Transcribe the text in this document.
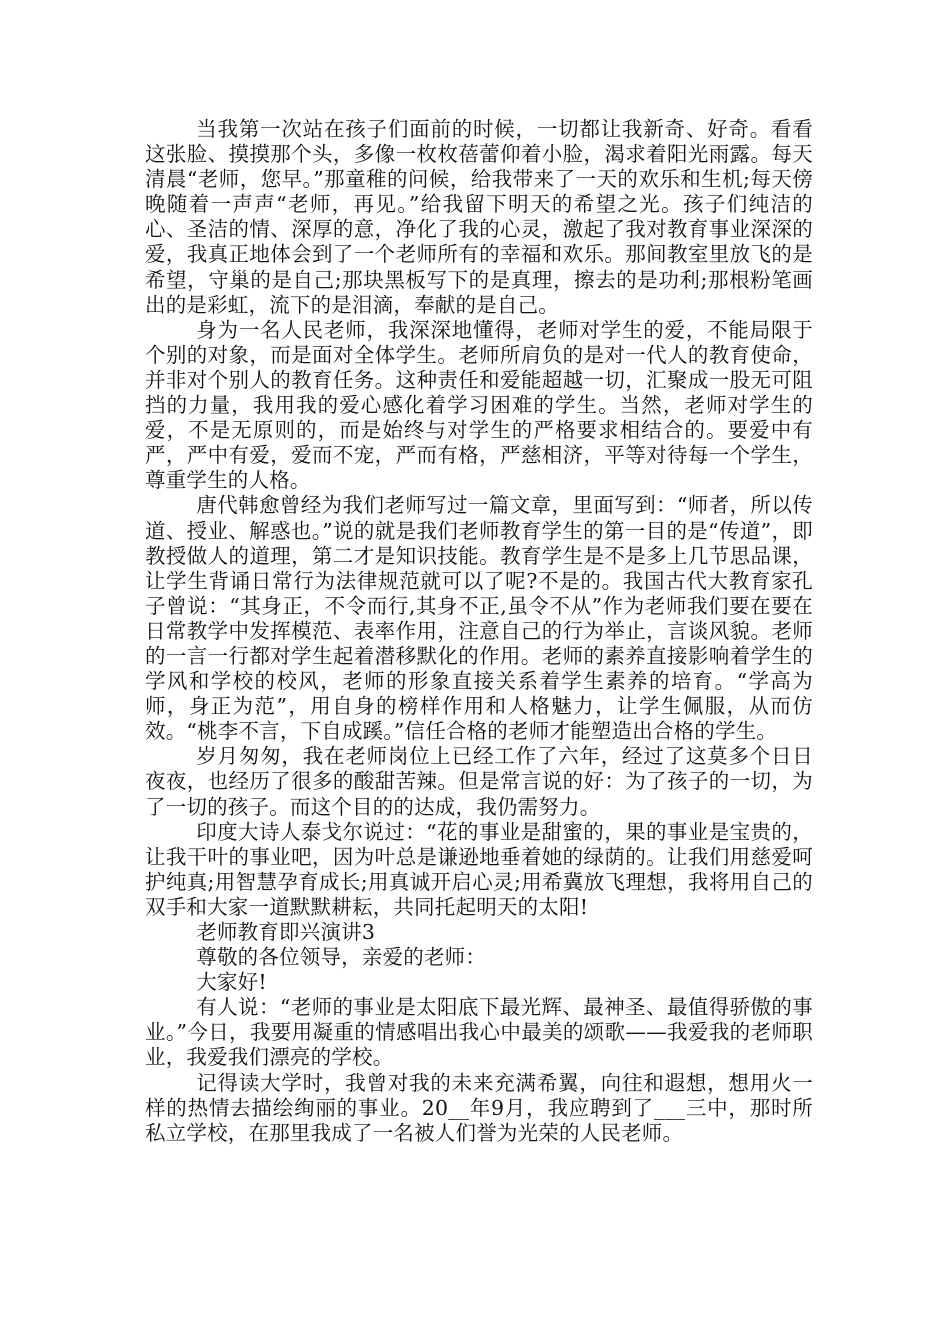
当我第一次站在孩子们面前的时候，一切都让我新奇、好奇。看看这张脸、摸摸那个头，多像一枚枚蓓蕾仰着小脸，渴求着阳光雨露。每天清晨“老师，您早。”那童稚的问候，给我带来了一天的欢乐和生机;每天傍晚随着一声声“老师，再见。”给我留下明天的希望之光。孩子们纯洁的心、圣洁的情、深厚的意，净化了我的心灵，激起了我对教育事业深深的爱，我真正地体会到了一个老师所有的幸福和欢乐。那间教室里放飞的是希望，守巢的是自己;那块黑板写下的是真理，擦去的是功利;那根粉笔画出的是彩虹，流下的是泪滴，奉献的是自己。

身为一名人民老师，我深深地懂得，老师对学生的爱，不能局限于个别的对象，而是面对全体学生。老师所肩负的是对一代人的教育使命，并非对个别人的教育任务。这种责任和爱能超越一切，汇聚成一股无可阻挡的力量，我用我的爱心感化着学习困难的学生。当然，老师对学生的爱，不是无原则的，而是始终与对学生的严格要求相结合的。要爱中有严，严中有爱，爱而不宠，严而有格，严慈相济，平等对待每一个学生，尊重学生的人格。

唐代韩愈曾经为我们老师写过一篇文章，里面写到：“师者，所以传道、授业、解惑也。”说的就是我们老师教育学生的第一目的是“传道”，即教授做人的道理，第二才是知识技能。教育学生是不是多上几节思品课，让学生背诵日常行为法律规范就可以了呢?不是的。我国古代大教育家孔子曾说：“其身正，不令而行,其身不正,虽令不从”作为老师我们要在要在日常教学中发挥模范、表率作用，注意自己的行为举止，言谈风貌。老师的一言一行都对学生起着潜移默化的作用。老师的素养直接影响着学生的学风和学校的校风，老师的形象直接关系着学生素养的培育。“学高为师，身正为范”，用自身的榜样作用和人格魅力，让学生佩服，从而仿效。“桃李不言，下自成蹊。”信任合格的老师才能塑造出合格的学生。

岁月匆匆，我在老师岗位上已经工作了六年，经过了这莫多个日日夜夜，也经历了很多的酸甜苦辣。但是常言说的好：为了孩子的一切，为了一切的孩子。而这个目的的达成，我仍需努力。

印度大诗人泰戈尔说过：“花的事业是甜蜜的，果的事业是宝贵的，让我干叶的事业吧，因为叶总是谦逊地垂着她的绿荫的。让我们用慈爱呵护纯真;用智慧孕育成长;用真诚开启心灵;用希冀放飞理想，我将用自己的双手和大家一道默默耕耘，共同托起明天的太阳!

老师教育即兴演讲3

尊敬的各位领导，亲爱的老师：

大家好!

有人说：“老师的事业是太阳底下最光辉、最神圣、最值得骄傲的事业。”今日，我要用凝重的情感唱出我心中最美的颂歌——我爱我的老师职业，我爱我们漂亮的学校。

记得读大学时，我曾对我的未来充满希翼，向往和遐想，想用火一样的热情去描绘绚丽的事业。20__年9月，我应聘到了___三中，那时所私立学校，在那里我成了一名被人们誉为光荣的人民老师。
